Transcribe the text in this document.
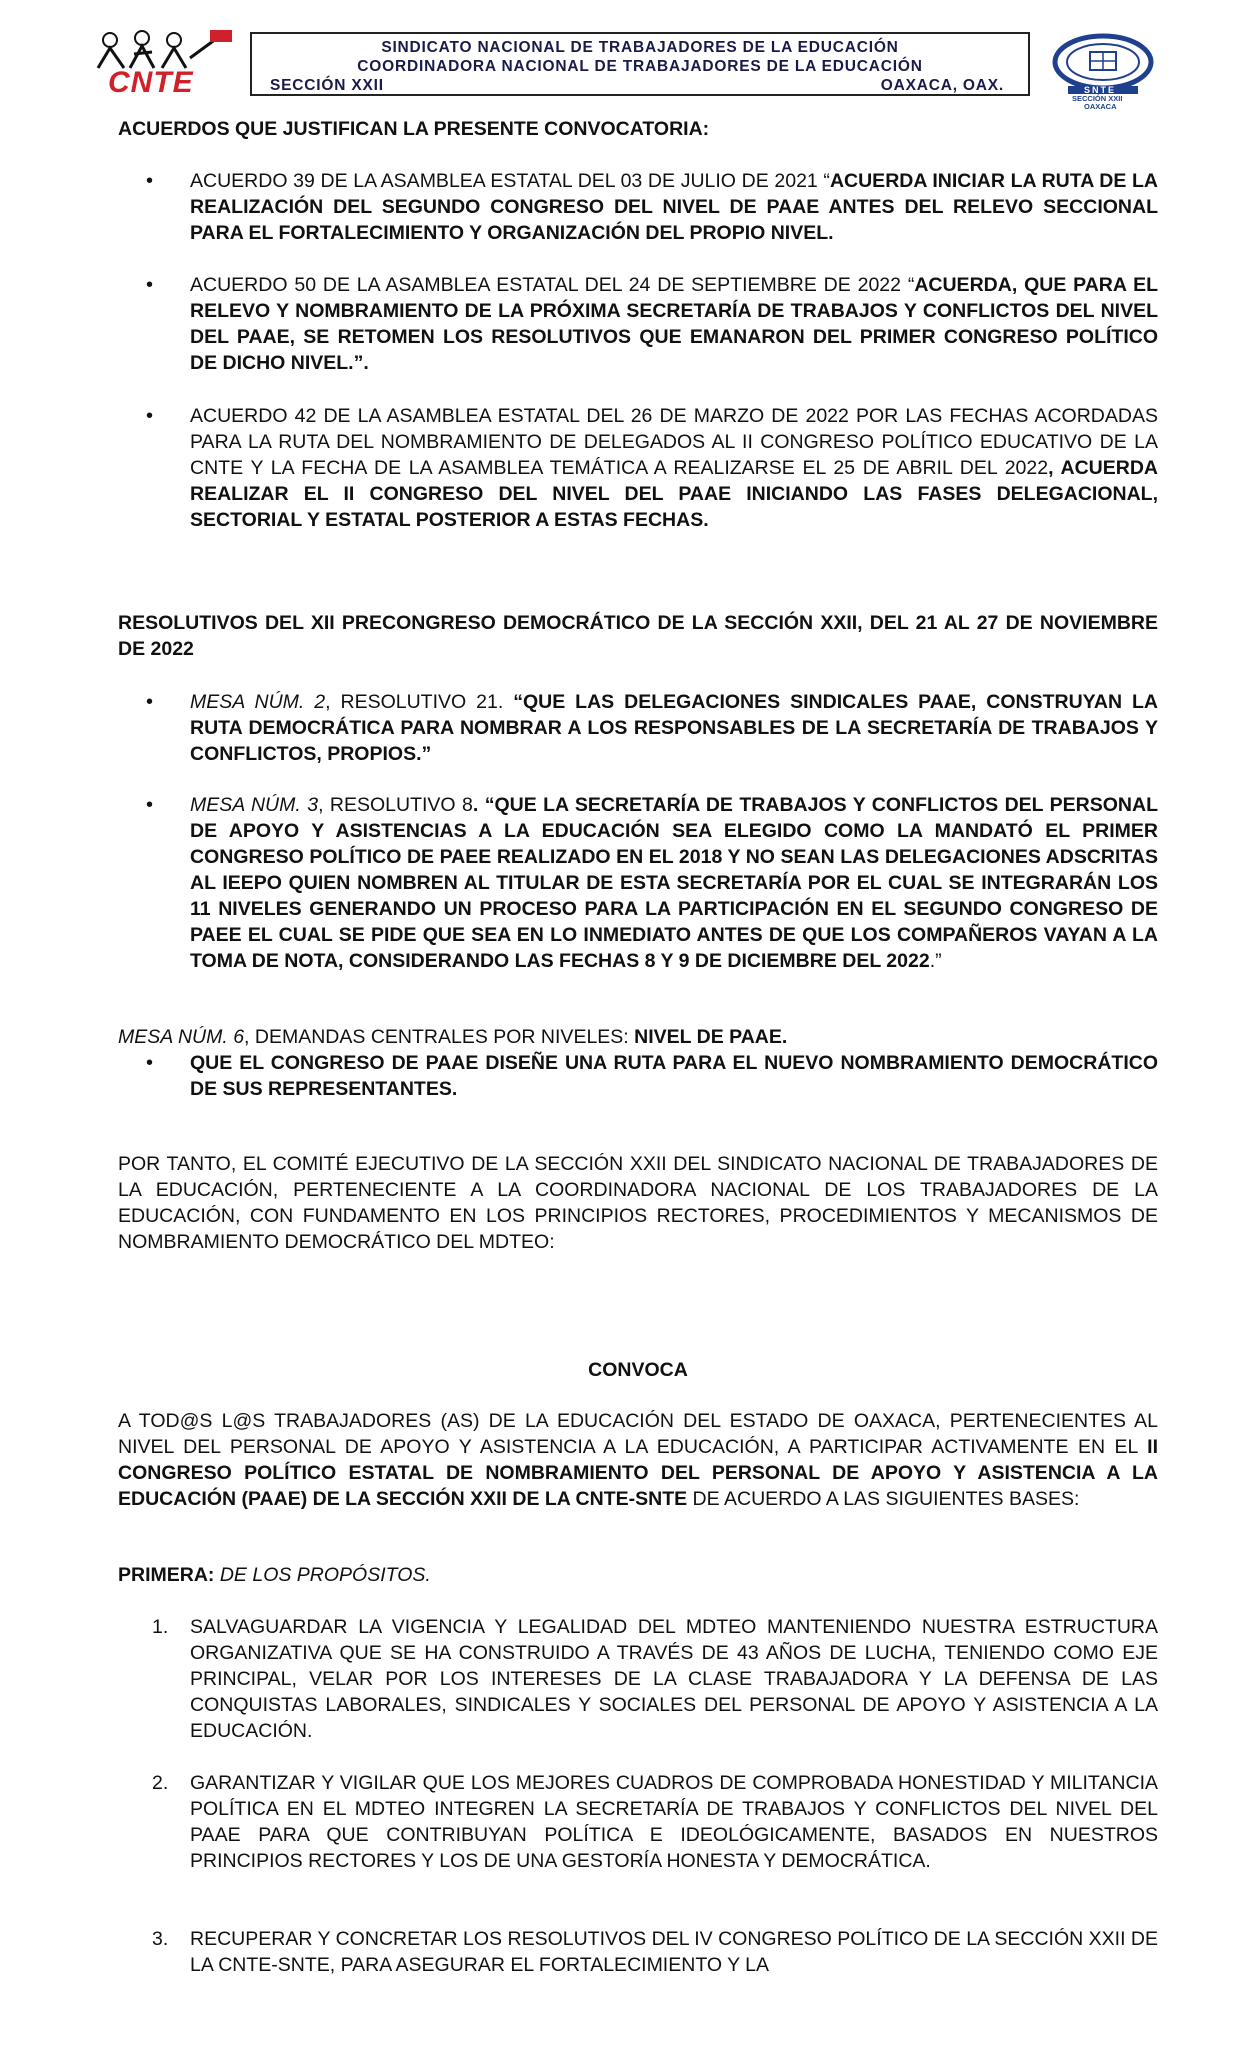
CNTE
SINDICATO NACIONAL DE TRABAJADORES DE LA EDUCACIÓN
COORDINADORA NACIONAL DE TRABAJADORES DE LA EDUCACIÓN
SECCIÓN XXII	OAXACA, OAX.	SNTE
SECCIÓN XXII
OAXACA
ACUERDOS QUE JUSTIFICAN LA PRESENTE CONVOCATORIA:
• ACUERDO 39 DE LA ASAMBLEA ESTATAL DEL 03 DE JULIO DE 2021 “ACUERDA INICIAR LA RUTA DE LA REALIZACIÓN DEL SEGUNDO CONGRESO DEL NIVEL DE PAAE ANTES DEL RELEVO SECCIONAL PARA EL FORTALECIMIENTO Y ORGANIZACIÓN DEL PROPIO NIVEL.
• ACUERDO 50 DE LA ASAMBLEA ESTATAL DEL 24 DE SEPTIEMBRE DE 2022 “ACUERDA, QUE PARA EL RELEVO Y NOMBRAMIENTO DE LA PRÓXIMA SECRETARÍA DE TRABAJOS Y CONFLICTOS DEL NIVEL DEL PAAE, SE RETOMEN LOS RESOLUTIVOS QUE EMANARON DEL PRIMER CONGRESO POLÍTICO DE DICHO NIVEL.”.
• ACUERDO 42 DE LA ASAMBLEA ESTATAL DEL 26 DE MARZO DE 2022 POR LAS FECHAS ACORDADAS PARA LA RUTA DEL NOMBRAMIENTO DE DELEGADOS AL II CONGRESO POLÍTICO EDUCATIVO DE LA CNTE Y LA FECHA DE LA ASAMBLEA TEMÁTICA A REALIZARSE EL 25 DE ABRIL DEL 2022, ACUERDA REALIZAR EL II CONGRESO DEL NIVEL DEL PAAE INICIANDO LAS FASES DELEGACIONAL, SECTORIAL Y ESTATAL POSTERIOR A ESTAS FECHAS.
RESOLUTIVOS DEL XII PRECONGRESO DEMOCRÁTICO DE LA SECCIÓN XXII, DEL 21 AL 27 DE NOVIEMBRE DE 2022
• MESA NÚM. 2, RESOLUTIVO 21. “QUE LAS DELEGACIONES SINDICALES PAAE, CONSTRUYAN LA RUTA DEMOCRÁTICA PARA NOMBRAR A LOS RESPONSABLES DE LA SECRETARÍA DE TRABAJOS Y CONFLICTOS, PROPIOS.”
• MESA NÚM. 3, RESOLUTIVO 8. “QUE LA SECRETARÍA DE TRABAJOS Y CONFLICTOS DEL PERSONAL DE APOYO Y ASISTENCIAS A LA EDUCACIÓN SEA ELEGIDO COMO LA MANDATÓ EL PRIMER CONGRESO POLÍTICO DE PAEE REALIZADO EN EL 2018 Y NO SEAN LAS DELEGACIONES ADSCRITAS AL IEEPO QUIEN NOMBREN AL TITULAR DE ESTA SECRETARÍA POR EL CUAL SE INTEGRARÁN LOS 11 NIVELES GENERANDO UN PROCESO PARA LA PARTICIPACIÓN EN EL SEGUNDO CONGRESO DE PAEE EL CUAL SE PIDE QUE SEA EN LO INMEDIATO ANTES DE QUE LOS COMPAÑEROS VAYAN A LA TOMA DE NOTA, CONSIDERANDO LAS FECHAS 8 Y 9 DE DICIEMBRE DEL 2022.”
MESA NÚM. 6, DEMANDAS CENTRALES POR NIVELES: NIVEL DE PAAE.
• QUE EL CONGRESO DE PAAE DISEÑE UNA RUTA PARA EL NUEVO NOMBRAMIENTO DEMOCRÁTICO DE SUS REPRESENTANTES.
POR TANTO, EL COMITÉ EJECUTIVO DE LA SECCIÓN XXII DEL SINDICATO NACIONAL DE TRABAJADORES DE LA EDUCACIÓN, PERTENECIENTE A LA COORDINADORA NACIONAL DE LOS TRABAJADORES DE LA EDUCACIÓN, CON FUNDAMENTO EN LOS PRINCIPIOS RECTORES, PROCEDIMIENTOS Y MECANISMOS DE NOMBRAMIENTO DEMOCRÁTICO DEL MDTEO:
CONVOCA
A TOD@S L@S TRABAJADORES (AS) DE LA EDUCACIÓN DEL ESTADO DE OAXACA, PERTENECIENTES AL NIVEL DEL PERSONAL DE APOYO Y ASISTENCIA A LA EDUCACIÓN, A PARTICIPAR ACTIVAMENTE EN EL II CONGRESO POLÍTICO ESTATAL DE NOMBRAMIENTO DEL PERSONAL DE APOYO Y ASISTENCIA A LA EDUCACIÓN (PAAE) DE LA SECCIÓN XXII DE LA CNTE-SNTE DE ACUERDO A LAS SIGUIENTES BASES:
PRIMERA: DE LOS PROPÓSITOS.
1. SALVAGUARDAR LA VIGENCIA Y LEGALIDAD DEL MDTEO MANTENIENDO NUESTRA ESTRUCTURA ORGANIZATIVA QUE SE HA CONSTRUIDO A TRAVÉS DE 43 AÑOS DE LUCHA, TENIENDO COMO EJE PRINCIPAL, VELAR POR LOS INTERESES DE LA CLASE TRABAJADORA Y LA DEFENSA DE LAS CONQUISTAS LABORALES, SINDICALES Y SOCIALES DEL PERSONAL DE APOYO Y ASISTENCIA A LA EDUCACIÓN.
2. GARANTIZAR Y VIGILAR QUE LOS MEJORES CUADROS DE COMPROBADA HONESTIDAD Y MILITANCIA POLÍTICA EN EL MDTEO INTEGREN LA SECRETARÍA DE TRABAJOS Y CONFLICTOS DEL NIVEL DEL PAAE PARA QUE CONTRIBUYAN POLÍTICA E IDEOLÓGICAMENTE, BASADOS EN NUESTROS PRINCIPIOS RECTORES Y LOS DE UNA GESTORÍA HONESTA Y DEMOCRÁTICA.
3. RECUPERAR Y CONCRETAR LOS RESOLUTIVOS DEL IV CONGRESO POLÍTICO DE LA SECCIÓN XXII DE LA CNTE-SNTE, PARA ASEGURAR EL FORTALECIMIENTO Y LA
